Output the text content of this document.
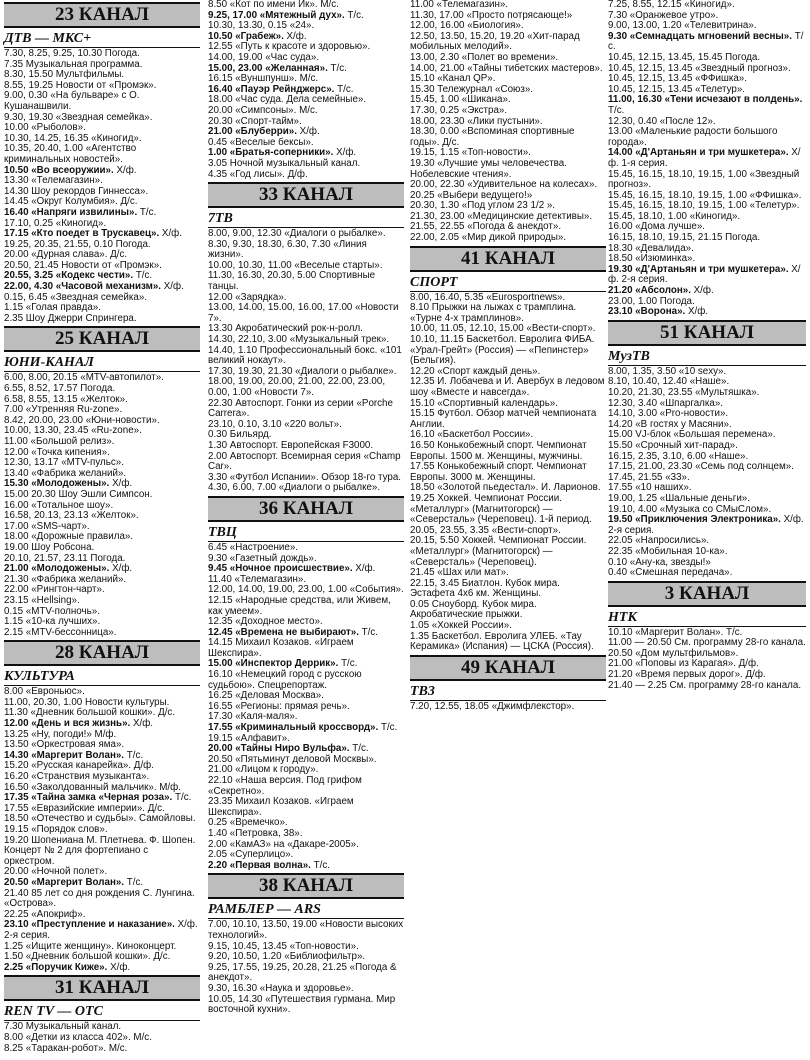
23 КАНАЛ
ДТВ — МКС+
7.30, 8.25, 9.25, 10.30 Погода.
7.35 Музыкальная программа.
8.30, 15.50 Мультфильмы.
8.55, 19.25 Новости от «Промэк».
9.00, 0.30 «На бульваре» с О. Кушанашвили.
9.30, 19.30 «Звездная семейка».
10.00 «Рыболов».
10.30, 14.25, 16.35 «Киногид».
10.35, 20.40, 1.00 «Агентство криминальных новостей».
10.50 «Во всеоружии». Х/ф.
13.30 «Телемагазин».
14.30 Шоу рекордов Гиннесса».
14.45 «Округ Колумбия». Д/с.
16.40 «Напряги извилины». Т/с.
17.10, 0.25 «Киногид».
17.15 «Кто поедет в Трускавец». Х/ф.
19.25, 20.35, 21.55, 0.10 Погода.
20.00 «Дурная слава». Д/с.
20.50, 21.45 Новости от «Промэк».
20.55, 3.25 «Кодекс чести». Т/с.
22.00, 4.30 «Часовой механизм». Х/ф.
0.15, 6.45 «Звездная семейка».
1.15 «Голая правда».
2.35 Шоу Джерри Спрингера.
25 КАНАЛ
ЮНИ-КАНАЛ
6.00, 8.00, 20.15 «MTV-автопилот».
6.55, 8.52, 17.57 Погода.
6.58, 8.55, 13.15 «Желток».
7.00 «Утренняя Ru-zone».
8.42, 20.00, 23.00 «Юни-новости».
10.00, 13.30, 23.45 «Ru-zone».
11.00 «Большой релиз».
12.00 «Точка кипения».
12.30, 13.17 «MTV-пульс».
13.40 «Фабрика желаний».
15.30 «Молодожены». Х/ф.
15.00 20.30 Шоу Эшли Симпсон.
16.00 «Тотальное шоу».
16.58, 20.13, 23.13 «Желток».
17.00 «SMS-чарт».
18.00 «Дорожные правила».
19.00 Шоу Робсона.
20.10, 21.57, 23.11 Погода.
21.00 «Молодожены». Х/ф.
21.30 «Фабрика желаний».
22.00 «Рингтон-чарт».
23.15 «Hellsing».
0.15 «MTV-полночь».
1.15 «10-ка лучших».
2.15 «MTV-бессонница».
28 КАНАЛ
КУЛЬТУРА
8.00 «Евроньюс».
11.00, 20.30, 1.00 Новости культуры.
11.30 «Дневник большой кошки». Д/с.
12.00 «День и вся жизнь». Х/ф.
13.25 «Ну, погоди!» М/ф.
13.50 «Оркестровая яма».
14.30 «Маргерит Волан». Т/с.
15.20 «Русская канарейка». Д/ф.
16.20 «Странствия музыканта».
16.50 «Заколдованный мальчик». М/ф.
17.35 «Тайна замка «Черная роза». Т/с.
17.55 «Евразийские империи». Д/с.
18.50 «Отечество и судьбы». Самойловы.
19.15 «Порядок слов».
19.20 Шопениана М. Плетнева. Ф. Шопен. Концерт № 2 для фортепиано с оркестром.
20.00 «Ночной полет».
20.50 «Маргерит Волан». Т/с.
21.40 85 лет со дня рождения С. Лунгина. «Острова».
22.25 «Апокриф».
23.10 «Преступление и наказание». Х/ф. 2-я серия.
1.25 «Ищите женщину». Киноконцерт.
1.50 «Дневник большой кошки». Д/с.
2.25 «Поручик Киже». Х/ф.
31 КАНАЛ
REN TV — ОТС
7.30 Музыкальный канал.
8.00 «Детки из класса 402». М/с.
8.25 «Таракан-робот». М/с.
8.50 «Кот по имени Ик». М/с.
9.25, 17.00 «Мятежный дух». Т/с.
10.30, 13.30, 0.15 «24».
10.50 «Грабеж». Х/ф.
12.55 «Путь к красоте и здоровью».
14.00, 19.00 «Час суда».
15.00, 23.00 «Желанная». Т/с.
16.15 «Вуншпунш». М/с.
16.40 «Пауэр Рейнджерс». Т/с.
18.00 «Час суда. Дела семейные».
20.00 «Симпсоны». М/с.
20.30 «Спорт-тайм».
21.00 «Блуберри». Х/ф.
0.45 «Веселые бексы».
1.00 «Братья-соперники». Х/ф.
3.05 Ночной музыкальный канал.
4.35 «Год лисы». Д/ф.
33 КАНАЛ
7ТВ
8.00, 9.00, 12.30 «Диалоги о рыбалке».
8.30, 9.30, 18.30, 6.30, 7.30 «Линия жизни».
10.00, 10.30, 11.00 «Веселые старты».
11.30, 16.30, 20.30, 5.00 Спортивные танцы.
12.00 «Зарядка».
13.00, 14.00, 15.00, 16.00, 17.00 «Новости 7».
13.30 Акробатический рок-н-ролл.
14.30, 22.10, 3.00 «Музыкальный трек».
14.40, 1.10 Профессиональный бокс. «101 великий нокаут».
17.30, 19.30, 21.30 «Диалоги о рыбалке».
18.00, 19.00, 20.00, 21.00, 22.00, 23.00, 0.00, 1.00 «Новости 7».
22.30 Автоспорт. Гонки из серии «Porche Carrera».
23.10, 0.10, 3.10 «220 вольт».
0.30 Бильярд.
1.30 Автоспорт. Европейская F3000.
2.00 Автоспорт. Всемирная серия «Champ Car».
3.30 «Футбол Испании». Обзор 18-го тура.
4.30, 6.00, 7.00 «Диалоги о рыбалке».
36 КАНАЛ
ТВЦ
6.45 «Настроение».
9.30 «Газетный дождь».
9.45 «Ночное происшествие». Х/ф.
11.40 «Телемагазин».
12.00, 14.00, 19.00, 23.00, 1.00 «События».
12.15 «Народные средства, или Живем, как умеем».
12.35 «Доходное место».
12.45 «Времена не выбирают». Т/с.
14.15 Михаил Козаков. «Играем Шекспира».
15.00 «Инспектор Деррик». Т/с.
16.10 «Немецкий город с русскою судьбою». Спецрепортаж.
16.25 «Деловая Москва».
16.55 «Регионы: прямая речь».
17.30 «Каля-маля».
17.55 «Криминальный кроссворд». Т/с.
19.15 «Алфавит».
20.00 «Тайны Ниро Вульфа». Т/с.
20.50 «Пятьминут деловой Москвы».
21.00 «Лицом к городу».
22.10 «Наша версия. Под грифом «Секретно».
23.35 Михаил Козаков. «Играем Шекспира».
0.25 «Времечко».
1.40 «Петровка, 38».
2.00 «КамАЗ» на «Дакаре-2005».
2.05 «Суперлицо».
2.20 «Первая волна». Т/с.
38 КАНАЛ
РАМБЛЕР — ARS
7.00, 10.10, 13.50, 19.00 «Новости высоких технологий».
9.15, 10.45, 13.45 «Топ-новости».
9.20, 10.50, 1.20 «Библиофильтр».
9.25, 17.55, 19.25, 20.28, 21.25 «Погода & анекдот».
9.30, 16.30 «Наука и здоровье».
10.05, 14.30 «Путешествия гурмана. Мир восточной кухни».
11.00 «Телемагазин».
11.30, 17.00 «Просто потрясающе!»
12.00, 16.00 «Биология».
12.50, 13.50, 15.20, 19.20 «Хит-парад мобильных мелодий».
13.00, 2.30 «Полет во времени».
14.00, 21.00 «Тайны тибетских мастеров».
15.10 «Канал QP».
15.30 Тележурнал «Союз».
15.45, 1.00 «Шикана».
17.30, 0.25 «Экстра».
18.00, 23.30 «Лики пустыни».
18.30, 0.00 «Вспоминая спортивные годы». Д/с.
19.15, 1.15 «Топ-новости».
19.30 «Лучшие умы человечества. Нобелевские чтения».
20.00, 22.30 «Удивительное на колесах».
20.25 «Выбери ведущего!»
20.30, 1.30 «Под углом 23 1/2 ».
21.30, 23.00 «Медицинские детективы».
21.55, 22.55 «Погода & анекдот».
22.00, 2.05 «Мир дикой природы».
41 КАНАЛ
СПОРТ
8.00, 16.40, 5.35 «Eurosportnews».
8.10 Прыжки на лыжах с трамплина. «Турне 4-х трамплинов».
10.00, 11.05, 12.10, 15.00 «Вести-спорт».
10.10, 11.15 Баскетбол. Евролига ФИБА. «Урал-Грейт» (Россия) — «Пепинстер» (Бельгия).
12.20 «Спорт каждый день».
12.35 И. Лобачева и И. Авербух в ледовом шоу «Вместе и навсегда».
15.10 «Спортивный календарь».
15.15 Футбол. Обзор матчей чемпионата Англии.
16.10 «Баскетбол России».
16.50 Конькобежный спорт. Чемпионат Европы. 1500 м. Женщины, мужчины.
17.55 Конькобежный спорт. Чемпионат Европы. 3000 м. Женщины.
18.50 «Золотой пьедестал». И. Ларионов.
19.25 Хоккей. Чемпионат России. «Металлург» (Магнитогорск) — «Северсталь» (Череповец). 1-й период.
20.05, 23.55, 3.35 «Вести-спорт».
20.15, 5.50 Хоккей. Чемпионат России. «Металлург» (Магнитогорск) — «Северсталь» (Череповец).
21.45 «Шах или мат».
22.15, 3.45 Биатлон. Кубок мира. Эстафета 4х6 км. Женщины.
0.05 Сноуборд. Кубок мира. Акробатические прыжки.
1.05 «Хоккей России».
1.35 Баскетбол. Евролига УЛЕБ. «Тау Керамика» (Испания) — ЦСКА (Россия).
49 КАНАЛ
ТВ3
7.20, 12.55, 18.05 «Джимфлекстор».
7.25, 8.55, 12.15 «Киногид».
7.30 «Оранжевое утро».
9.00, 13.00, 1.20 «Телевитрина».
9.30 «Семнадцать мгновений весны». Т/с.
10.45, 12.15, 13.45, 15.45 Погода.
10.45, 12.15, 13.45 «Звездный прогноз».
10.45, 12.15, 13.45 «ФФишка».
10.45, 12.15, 13.45 «Телетур».
11.00, 16.30 «Тени исчезают в полдень». Т/с.
12.30, 0.40 «После 12».
13.00 «Маленькие радости большого города».
14.00 «Д'Артаньян и три мушкетера». Х/ф. 1-я серия.
15.45, 16.15, 18.10, 19.15, 1.00 «Звездный прогноз».
15.45, 16.15, 18.10, 19.15, 1.00 «ФФишка».
15.45, 16.15, 18.10, 19.15, 1.00 «Телетур».
15.45, 18.10, 1.00 «Киногид».
16.00 «Дома лучше».
16.15, 18.10, 19.15, 21.15 Погода.
18.30 «Девалида».
18.50 «Изюминка».
19.30 «Д'Артаньян и три мушкетера». Х/ф. 2-я серия.
21.20 «Абсолон». Х/ф.
23.00, 1.00 Погода.
23.10 «Ворона». Х/ф.
51 КАНАЛ
МузТВ
8.00, 1.35, 3.50 «10 sexy».
8.10, 10.40, 12.40 «Наше».
10.20, 21.30, 23.55 «Мультяшка».
12.30, 3.40 «Шпаргалка».
14.10, 3.00 «Pro-новости».
14.20 «В гостях у Масяни».
15.00 VJ-блок «Большая перемена».
15.50 «Срочный хит-парад».
16.15, 2.35, 3.10, 6.00 «Наше».
17.15, 21.00, 23.30 «Семь под солнцем».
17.45, 21.55 «33».
17.55 «10 наших».
19.00, 1.25 «Шальные деньги».
19.10, 4.00 «Музыка со СМыСлом».
19.50 «Приключения Электроника». Х/ф. 2-я серия.
22.05 «Напросились».
22.35 «Мобильная 10-ка».
0.10 «Ану-ка, звезды!»
0.40 «Смешная передача».
3 КАНАЛ
НТК
10.10 «Маргерит Волан». Т/с.
11.00 — 20.50 См. программу 28-го канала.
20.50 «Дом мультфильмов».
21.00 «Поповы из Карагая». Д/ф.
21.20 «Время первых дорог». Д/ф.
21.40 — 2.25 См. программу 28-го канала.
